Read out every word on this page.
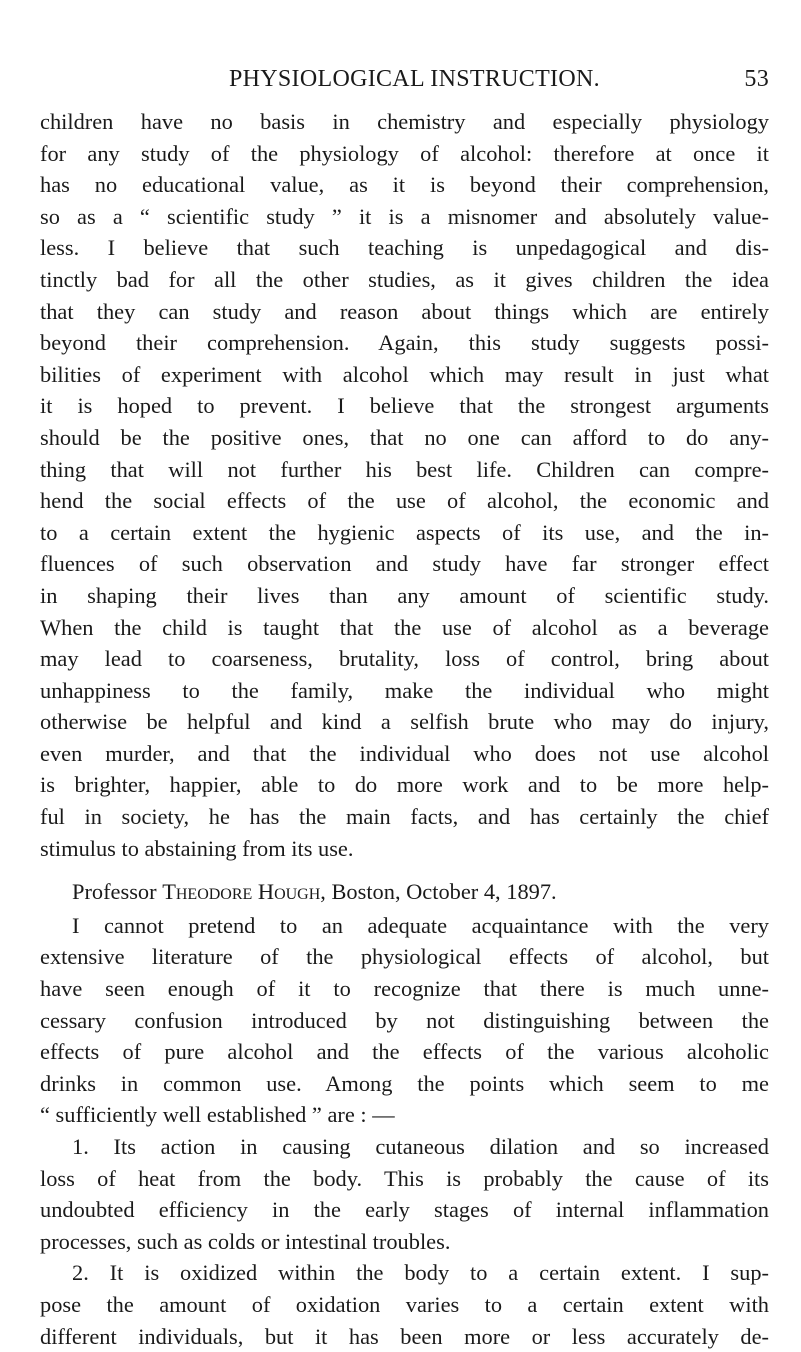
PHYSIOLOGICAL INSTRUCTION.	53
children have no basis in chemistry and especially physiology
for any study of the physiology of alcohol: therefore at once it
has no educational value, as it is beyond their comprehension,
so as a “ scientific study ” it is a misnomer and absolutely value-
less. I believe that such teaching is unpedagogical and dis-
tinctly bad for all the other studies, as it gives children the idea
that they can study and reason about things which are entirely
beyond their comprehension. Again, this study suggests possi-
bilities of experiment with alcohol which may result in just what
it is hoped to prevent. I believe that the strongest arguments
should be the positive ones, that no one can afford to do any-
thing that will not further his best life. Children can compre-
hend the social effects of the use of alcohol, the economic and
to a certain extent the hygienic aspects of its use, and the in-
fluences of such observation and study have far stronger effect
in shaping their lives than any amount of scientific study.
When the child is taught that the use of alcohol as a beverage
may lead to coarseness, brutality, loss of control, bring about
unhappiness to the family, make the individual who might
otherwise be helpful and kind a selfish brute who may do injury,
even murder, and that the individual who does not use alcohol
is brighter, happier, able to do more work and to be more help-
ful in society, he has the main facts, and has certainly the chief
stimulus to abstaining from its use.
Professor Theodore Hough, Boston, October 4, 1897.
I cannot pretend to an adequate acquaintance with the very
extensive literature of the physiological effects of alcohol, but
have seen enough of it to recognize that there is much unne-
cessary confusion introduced by not distinguishing between the
effects of pure alcohol and the effects of the various alcoholic
drinks in common use. Among the points which seem to me
“ sufficiently well established ” are : —
1. Its action in causing cutaneous dilation and so increased
loss of heat from the body. This is probably the cause of its
undoubted efficiency in the early stages of internal inflammation
processes, such as colds or intestinal troubles.
2. It is oxidized within the body to a certain extent. I sup-
pose the amount of oxidation varies to a certain extent with
different individuals, but it has been more or less accurately de-
